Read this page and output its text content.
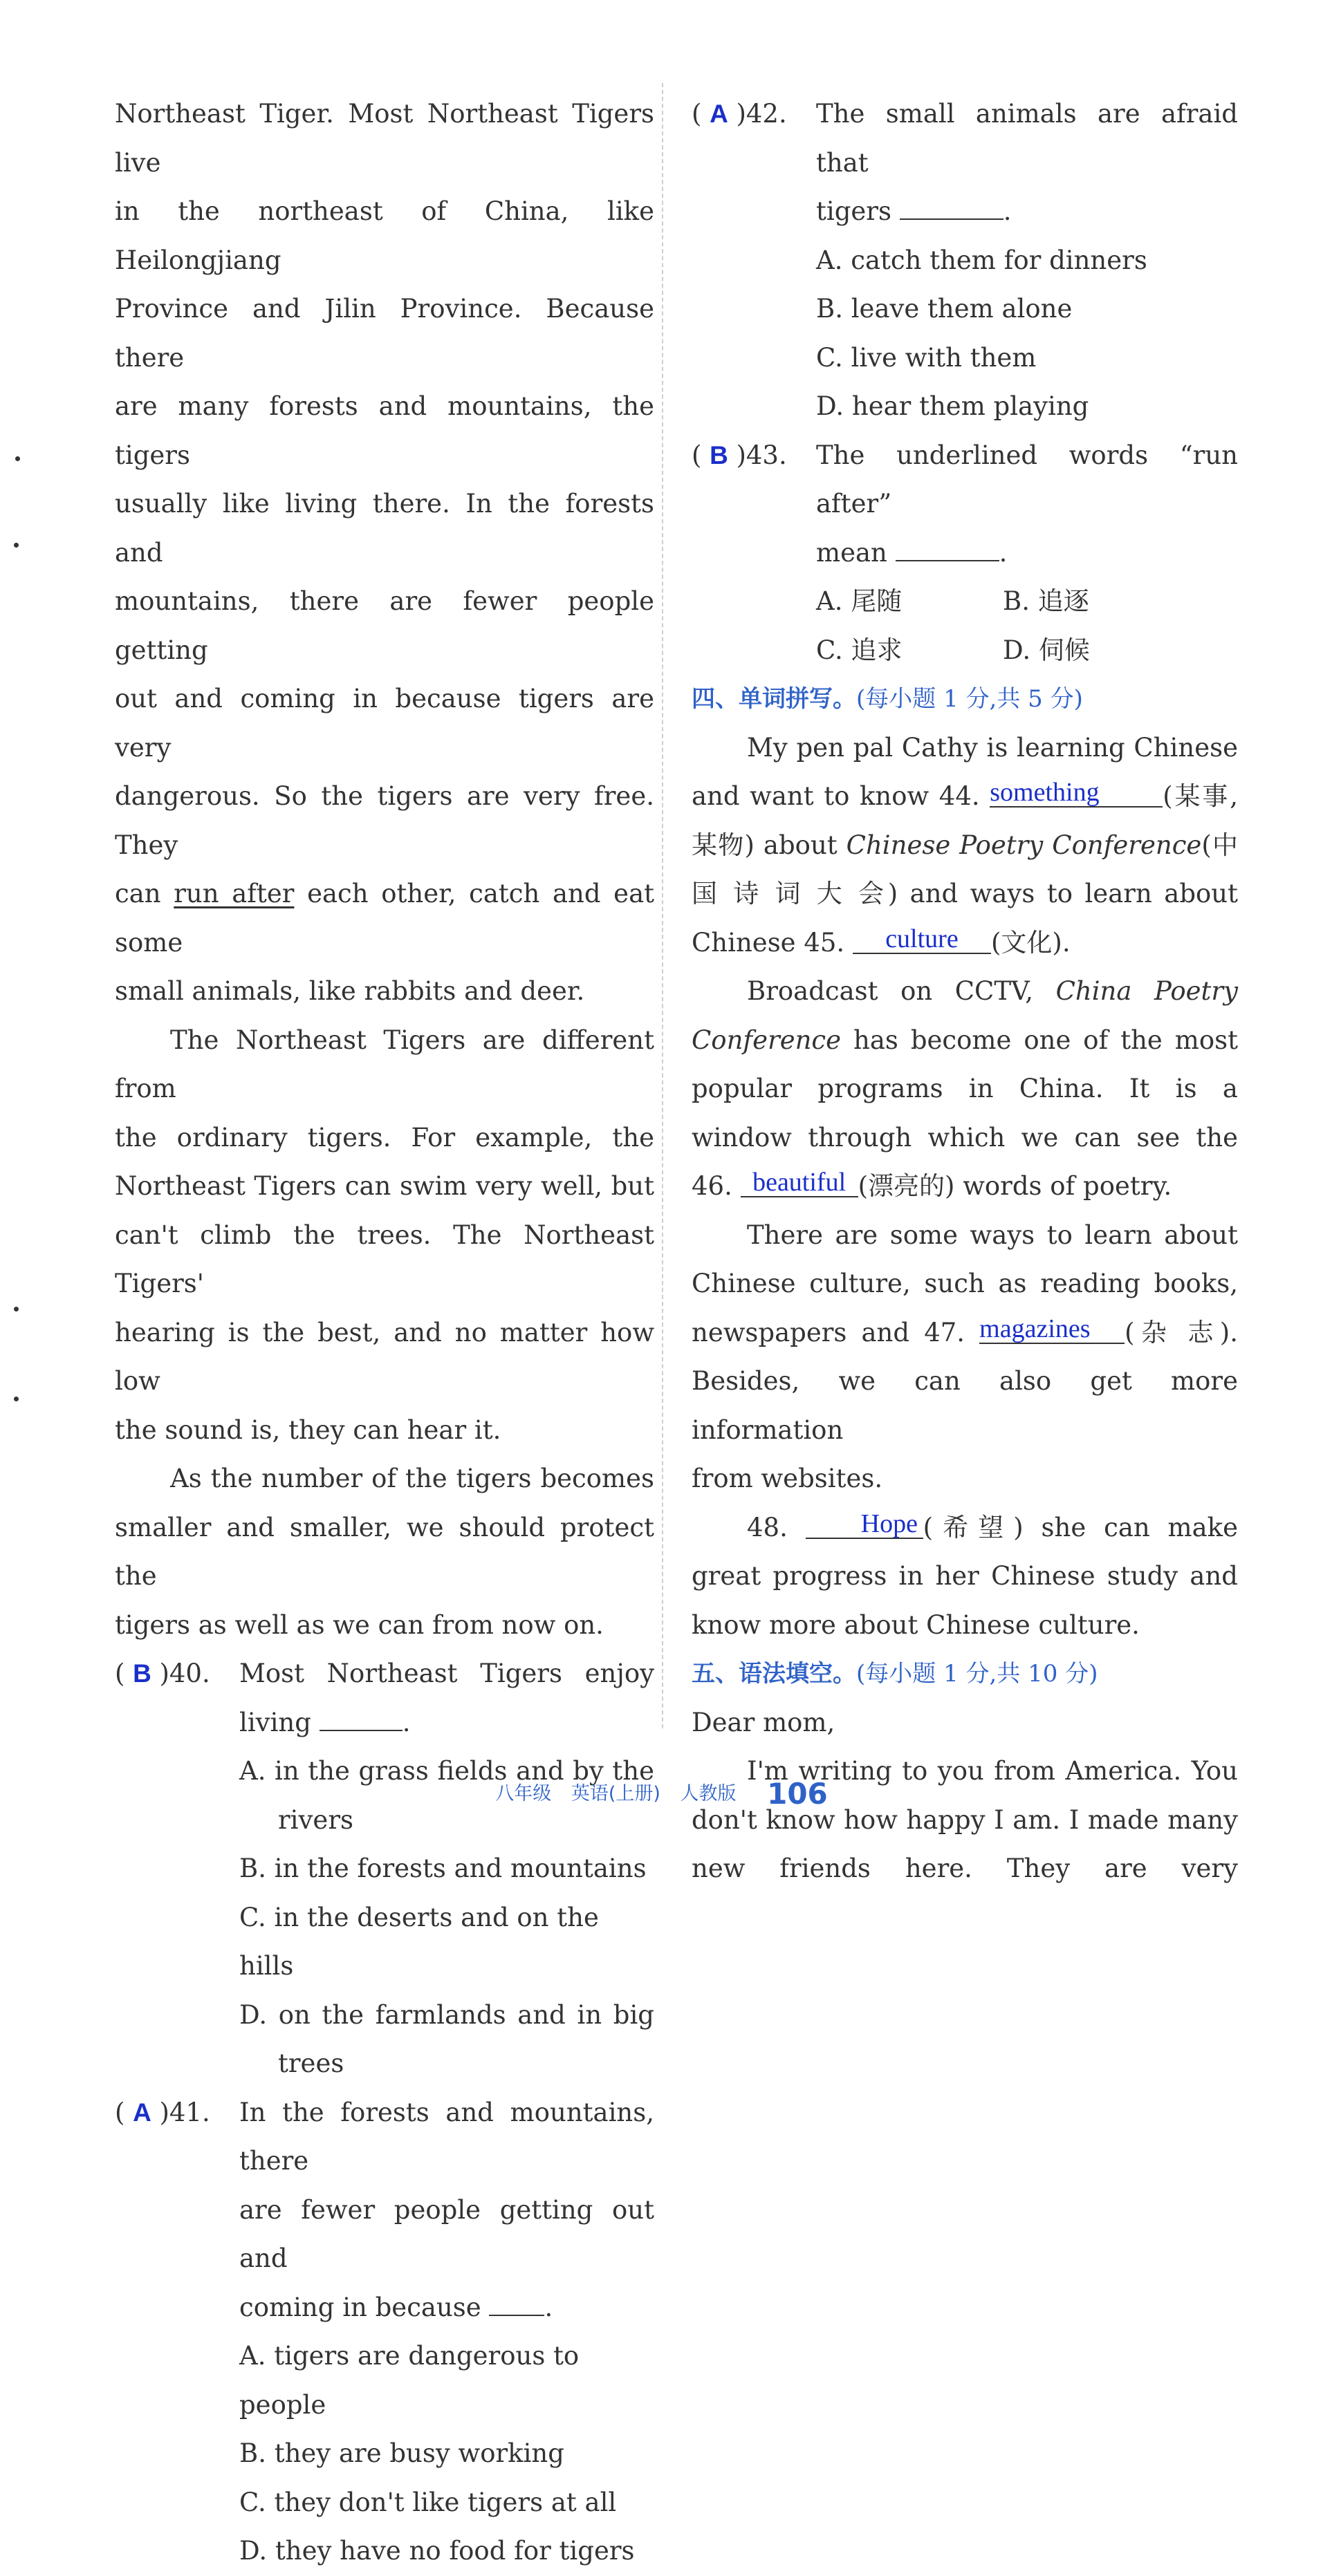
Northeast Tiger. Most Northeast Tigers live

in the northeast of China, like Heilongjiang

Province and Jilin Province. Because there

are many forests and mountains, the tigers

usually like living there. In the forests and

mountains, there are fewer people getting

out and coming in because tigers are very

dangerous. So the tigers are very free. They

can run after each other, catch and eat some

small animals, like rabbits and deer.

The Northeast Tigers are different from

the ordinary tigers. For example, the

Northeast Tigers can swim very well, but

can't climb the trees. The Northeast Tigers'

hearing is the best, and no matter how low

the sound is, they can hear it.

As the number of the tigers becomes

smaller and smaller, we should protect the

tigers as well as we can from now on.

( B )40.	Most Northeast Tigers enjoy

living	.

A. in the grass fields and by the

rivers

B. in the forests and mountains

C. in the deserts and on the hills

D. on the farmlands and in big

trees

( A )41.	In the forests and mountains, there

are fewer people getting out and

coming in because .

A. tigers are dangerous to people

B. they are busy working

C. they don't like tigers at all

D. they have no food for tigers

( A )42.	The small animals are afraid that

tigers	.

A. catch them for dinners

B. leave them alone

C. live with them

D. hear them playing

( B )43.	The underlined words “run after”

mean	.

A. 尾随	B. 追逐
C. 追求	D. 伺候

四、单词拼写。(每小题 1 分,共 5 分)

My pen pal Cathy is learning Chinese

and want to know 44. something (某事,

某物) about Chinese Poetry Conference(中

国 诗 词 大 会) and ways to learn about

Chinese 45. culture (文化).

Broadcast on CCTV, China Poetry

Conference has become one of the most

popular programs in China. It is a

window through which we can see the

46. beautiful (漂亮的) words of poetry.

There are some ways to learn about

Chinese culture, such as reading books,

newspapers and 47. magazines (杂 志).

Besides, we can also get more information

from websites.

48.	Hope (希望) she can make

great progress in her Chinese study and

know more about Chinese culture.

五、语法填空。(每小题 1 分,共 10 分)

Dear mom,

I'm writing to you from America. You

don't know how happy I am. I made many

new friends here. They are very

八年级 英语(上册) 人教版 106
